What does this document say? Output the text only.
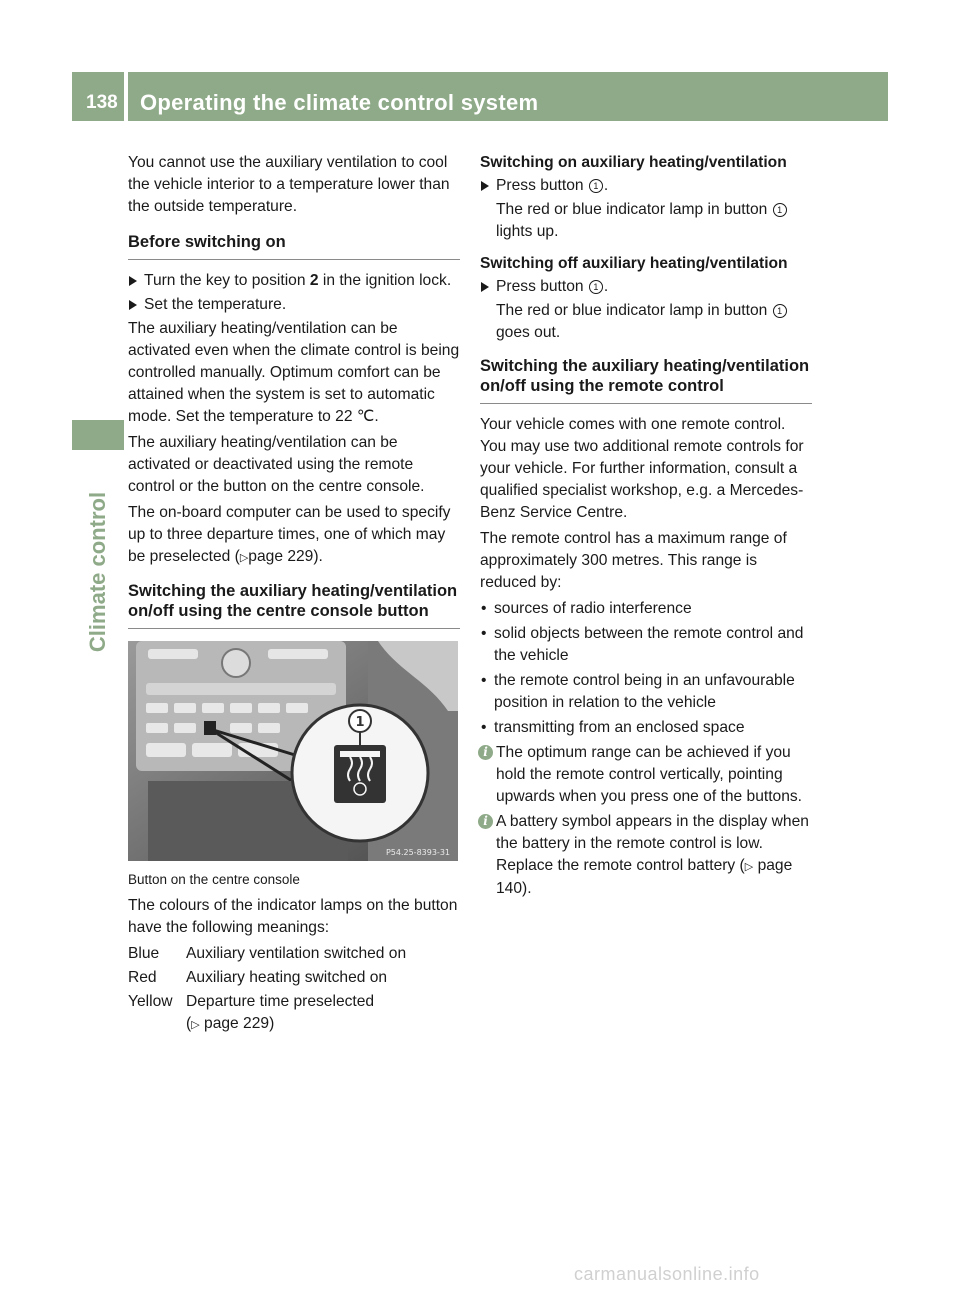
138 Operating the climate control system
Climate control

You cannot use the auxiliary ventilation to cool the vehicle interior to a temperature lower than the outside temperature.

Before switching on
Turn the key to position 2 in the ignition lock.
Set the temperature.

The auxiliary heating/ventilation can be activated even when the climate control is being controlled manually. Optimum comfort can be attained when the system is set to automatic mode. Set the temperature to 22 ℃.

The auxiliary heating/ventilation can be activated or deactivated using the remote control or the button on the centre console.

The on-board computer can be used to specify up to three departure times, one of which may be preselected (▷page 229).

Switching the auxiliary heating/ventilation on/off using the centre console button
1
P54.25-8393-31
Button on the centre console

The colours of the indicator lamps on the button have the following meanings:

Blue	Auxiliary ventilation switched on
Red	Auxiliary heating switched on
Yellow	Departure time preselected
(▷ page 229)
Switching on auxiliary heating/ventilation
Press button 1 .

The red or blue indicator lamp in button 1 lights up.

Switching off auxiliary heating/ventilation
Press button 1 .

The red or blue indicator lamp in button 1 goes out.

Switching the auxiliary heating/ventilation on/off using the remote control

Your vehicle comes with one remote control. You may use two additional remote controls for your vehicle. For further information, consult a qualified specialist workshop, e.g. a Mercedes-Benz Service Centre.

The remote control has a maximum range of approximately 300 metres. This range is reduced by:

• sources of radio interference
• solid objects between the remote control and the vehicle
• the remote control being in an unfavourable position in relation to the vehicle
• transmitting from an enclosed space
i The optimum range can be achieved if you hold the remote control vertically, pointing upwards when you press one of the buttons.
i A battery symbol appears in the display when the battery in the remote control is low. Replace the remote control battery (▷ page 140).
carmanualsonline.info
